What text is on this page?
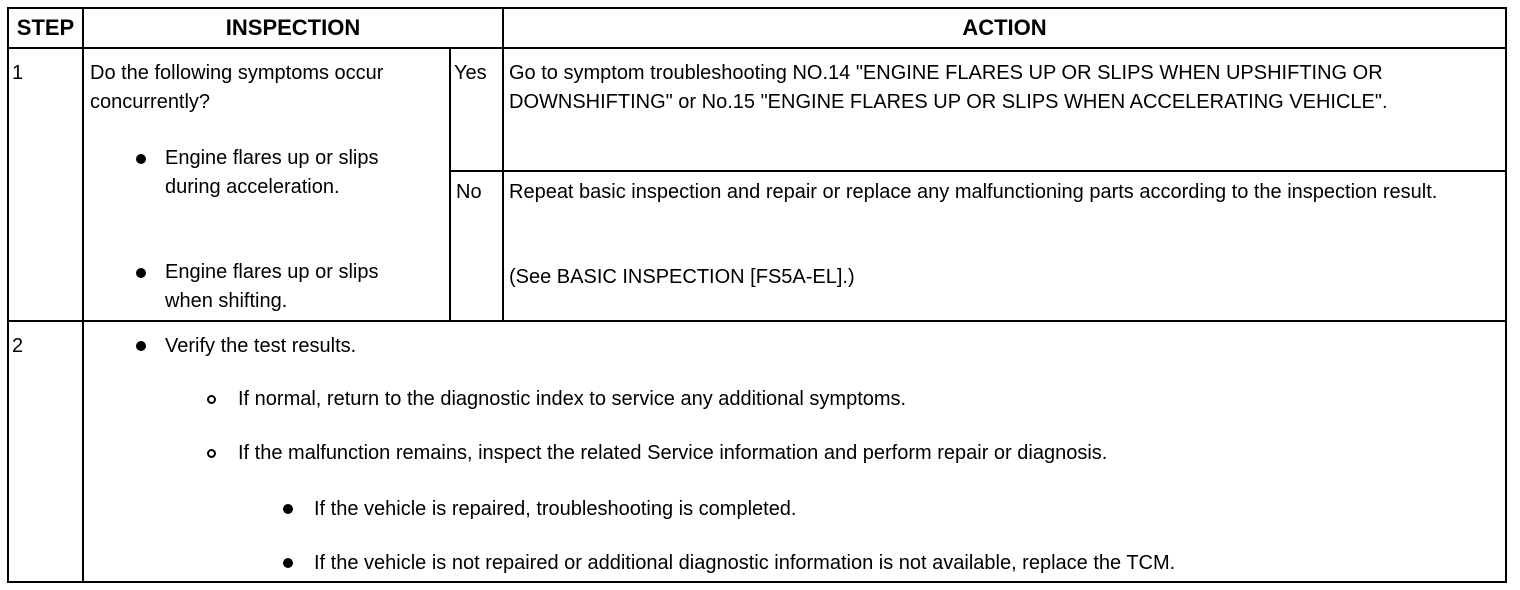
STEP	INSPECTION	ACTION
1	Do the following symptoms occur concurrently?
Engine flares up or slips during acceleration.
Engine flares up or slips when shifting.
Yes Go to symptom troubleshooting NO.14 "ENGINE FLARES UP OR SLIPS WHEN UPSHIFTING OR DOWNSHIFTING" or No.15 "ENGINE FLARES UP OR SLIPS WHEN ACCELERATING VEHICLE".
No Repeat basic inspection and repair or replace any malfunctioning parts according to the inspection result.
(See BASIC INSPECTION [FS5A-EL].)
2	Verify the test results.
If normal, return to the diagnostic index to service any additional symptoms.
If the malfunction remains, inspect the related Service information and perform repair or diagnosis.
If the vehicle is repaired, troubleshooting is completed.
If the vehicle is not repaired or additional diagnostic information is not available, replace the TCM.
